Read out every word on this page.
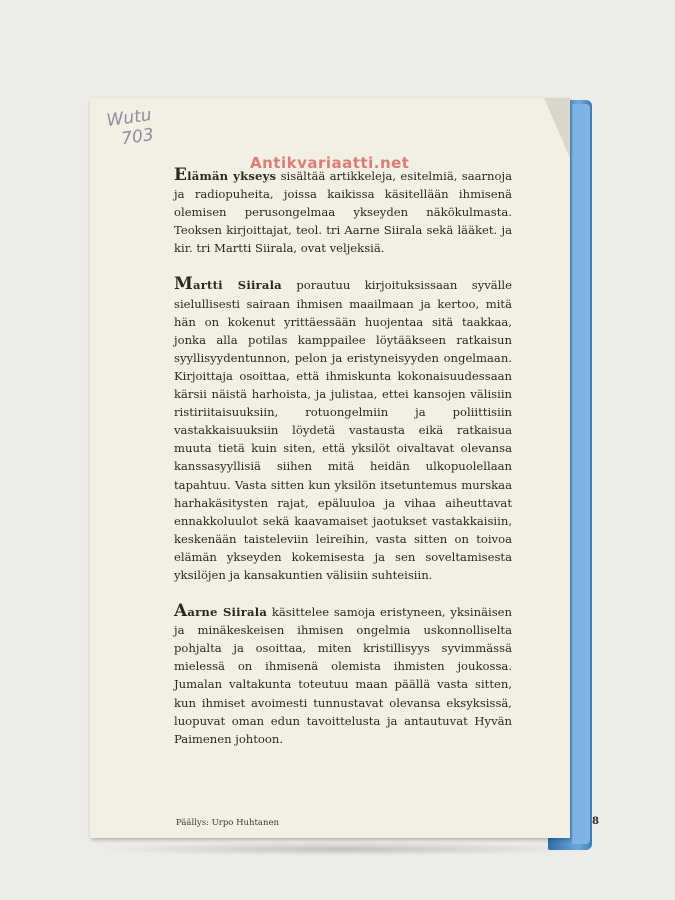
Wutu
703
Antikvariaatti.net

Elämän ykseys sisältää artikkeleja, esitelmiä, saarnoja ja radiopuheita, joissa kaikissa käsitellään ihmisenä olemisen perusongelmaa ykseyden näkökulmasta. Teoksen kirjoittajat, teol. tri Aarne Siirala sekä lääket. ja kir. tri Martti Siirala, ovat veljeksiä.

Martti Siirala porautuu kirjoituksissaan syvälle sielullisesti sairaan ihmisen maailmaan ja kertoo, mitä hän on kokenut yrittäessään huojentaa sitä taakkaa, jonka alla potilas kamppailee löytääkseen ratkaisun syyllisyydentunnon, pelon ja eristyneisyyden ongelmaan. Kirjoittaja osoittaa, että ihmiskunta kokonaisuudessaan kärsii näistä harhoista, ja julistaa, ettei kansojen välisiin ristiriitaisuuksiin, rotuongelmiin ja poliittisiin vastakkaisuuksiin löydetä vastausta eikä ratkaisua muuta tietä kuin siten, että yksilöt oivaltavat olevansa kanssasyyllisiä siihen mitä heidän ulkopuolellaan tapahtuu. Vasta sitten kun yksilön itsetuntemus murskaa harhakäsitysten rajat, epäluuloa ja vihaa aiheuttavat ennakkoluulot sekä kaavamaiset jaotukset vastakkaisiin, keskenään taisteleviin leireihin, vasta sitten on toivoa elämän ykseyden kokemisesta ja sen soveltamisesta yksilöjen ja kansakuntien välisiin suhteisiin.

Aarne Siirala käsittelee samoja eristyneen, yksinäisen ja minäkeskeisen ihmisen ongelmia uskonnolliselta pohjalta ja osoittaa, miten kristillisyys syvimmässä mielessä on ihmisenä olemista ihmisten joukossa. Jumalan valtakunta toteutuu maan päällä vasta sitten, kun ihmiset avoimesti tunnustavat olevansa eksyksissä, luopuvat oman edun tavoittelusta ja antautuvat Hyvän Paimenen johtoon.

Päällys: Urpo Huhtanen	8
